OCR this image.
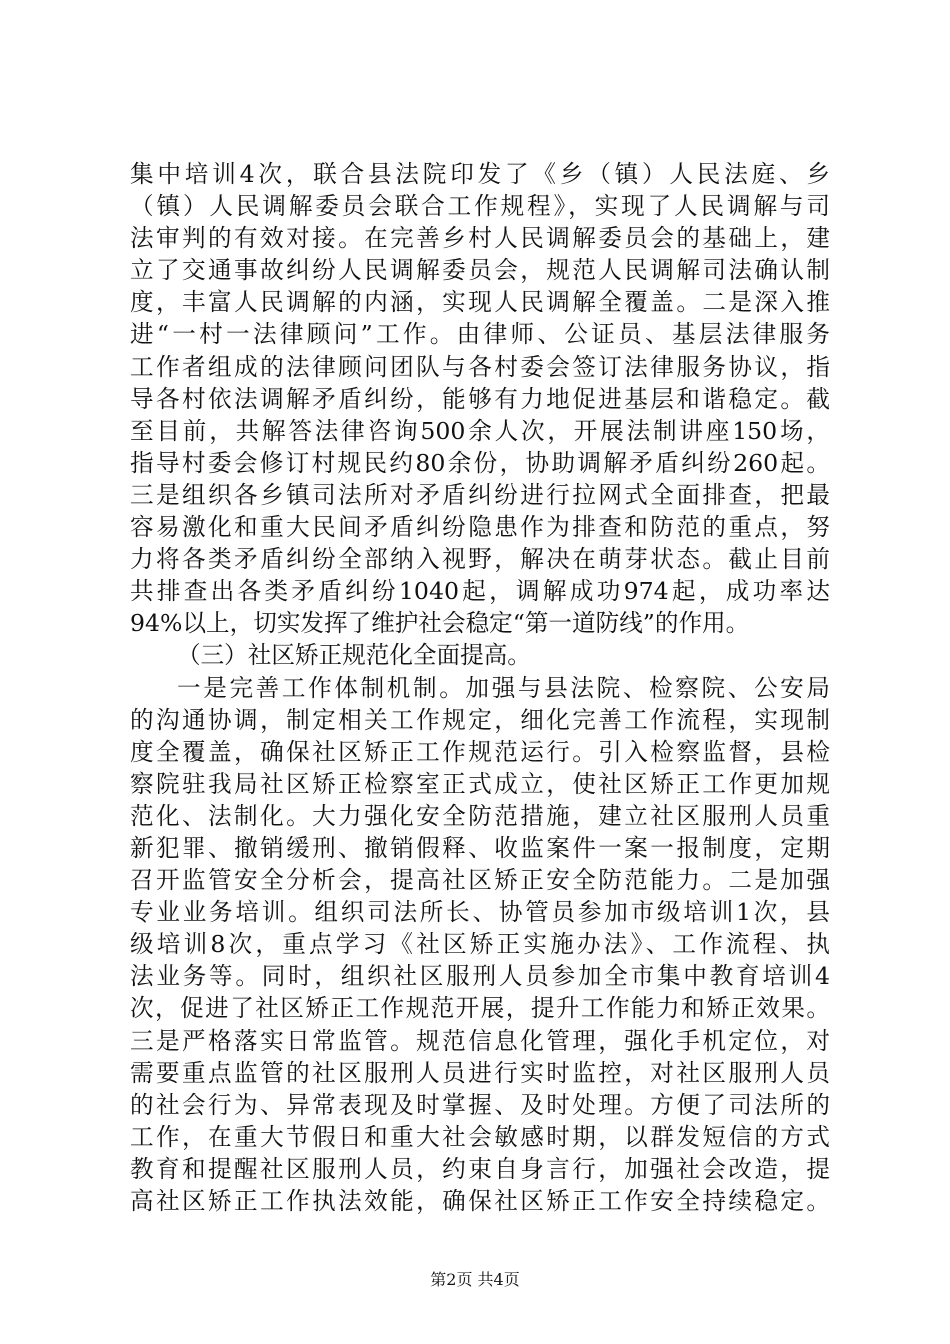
集中培训4次，联合县法院印发了《乡（镇）人民法庭、乡
（镇）人民调解委员会联合工作规程》，实现了人民调解与司
法审判的有效对接。在完善乡村人民调解委员会的基础上，建
立了交通事故纠纷人民调解委员会，规范人民调解司法确认制
度，丰富人民调解的内涵，实现人民调解全覆盖。二是深入推
进“一村一法律顾问”工作。由律师、公证员、基层法律服务
工作者组成的法律顾问团队与各村委会签订法律服务协议，指
导各村依法调解矛盾纠纷，能够有力地促进基层和谐稳定。截
至目前，共解答法律咨询500余人次，开展法制讲座150场，
指导村委会修订村规民约80余份，协助调解矛盾纠纷260起。
三是组织各乡镇司法所对矛盾纠纷进行拉网式全面排查，把最
容易激化和重大民间矛盾纠纷隐患作为排查和防范的重点，努
力将各类矛盾纠纷全部纳入视野，解决在萌芽状态。截止目前
共排查出各类矛盾纠纷1040起，调解成功974起，成功率达
94%以上，切实发挥了维护社会稳定“第一道防线”的作用。
（三）社区矫正规范化全面提高。
一是完善工作体制机制。加强与县法院、检察院、公安局
的沟通协调，制定相关工作规定，细化完善工作流程，实现制
度全覆盖，确保社区矫正工作规范运行。引入检察监督，县检
察院驻我局社区矫正检察室正式成立，使社区矫正工作更加规
范化、法制化。大力强化安全防范措施，建立社区服刑人员重
新犯罪、撤销缓刑、撤销假释、收监案件一案一报制度，定期
召开监管安全分析会，提高社区矫正安全防范能力。二是加强
专业业务培训。组织司法所长、协管员参加市级培训1次，县
级培训8次，重点学习《社区矫正实施办法》、工作流程、执
法业务等。同时，组织社区服刑人员参加全市集中教育培训4
次，促进了社区矫正工作规范开展，提升工作能力和矫正效果。
三是严格落实日常监管。规范信息化管理，强化手机定位，对
需要重点监管的社区服刑人员进行实时监控，对社区服刑人员
的社会行为、异常表现及时掌握、及时处理。方便了司法所的
工作，在重大节假日和重大社会敏感时期，以群发短信的方式
教育和提醒社区服刑人员，约束自身言行，加强社会改造，提
高社区矫正工作执法效能，确保社区矫正工作安全持续稳定。
第2页 共4页
